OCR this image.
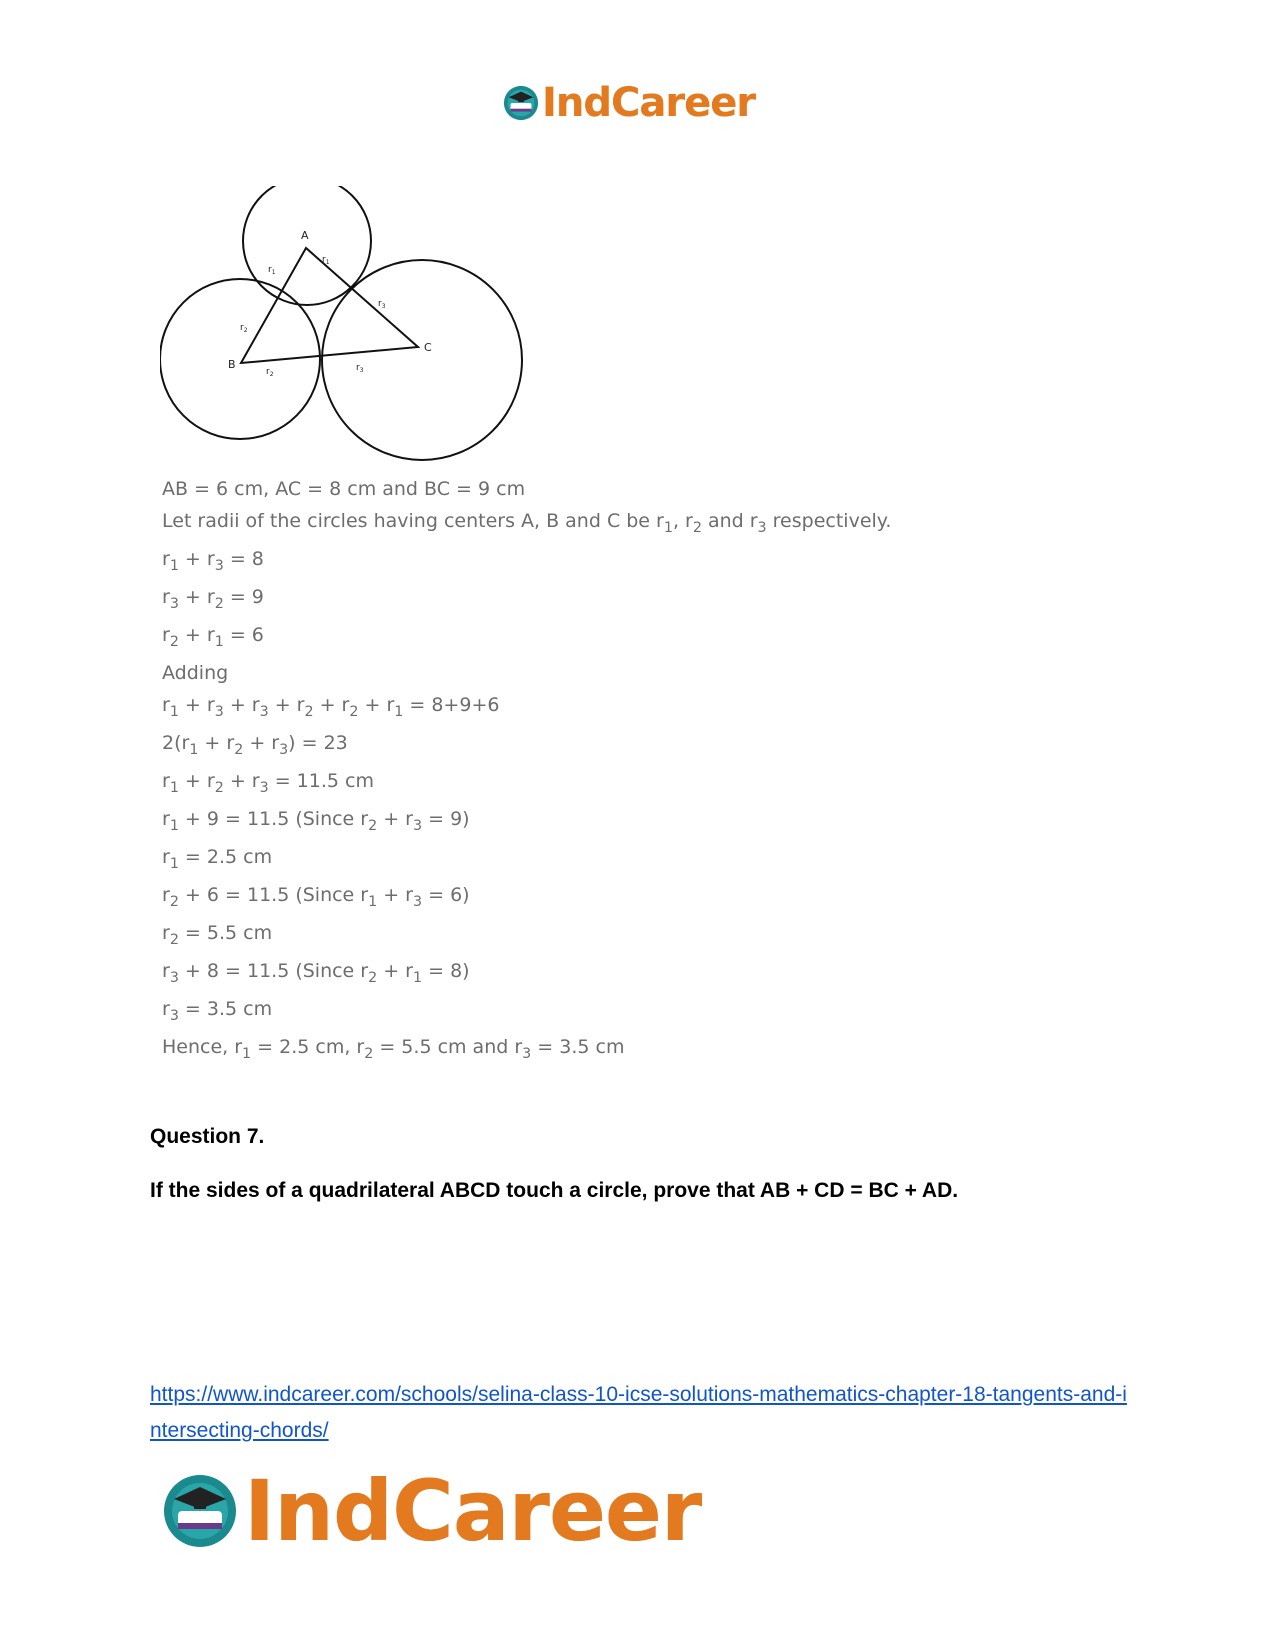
IndCareer
A
B
C
$r_1$
$r_1$
$r_2$
$r_2$
$r_3$
$r_3$
AB = 6 cm, AC = 8 cm and BC = 9 cm
Let radii of the circles having centers A, B and C be $r_1$, $r_2$ and $r_3$ respectively.
$r_1 + r_3 = 8$
$r_3 + r_2 = 9$
$r_2 + r_1 = 6$
Adding
$r_1 + r_3 + r_3 + r_2 + r_2 + r_1 = 8+9+6$
$2(r_1 + r_2 + r_3) = 23$
$r_1 + r_2 + r_3 = 11.5$ cm
$r_1 + 9 = 11.5$ (Since $r_2 + r_3 = 9$)
$r_1 = 2.5$ cm
$r_2 + 6 = 11.5$ (Since $r_1 + r_3 = 6$)
$r_2 = 5.5$ cm
$r_3 + 8 = 11.5$ (Since $r_2 + r_1 = 8$)
$r_3 = 3.5$ cm
Hence, $r_1 = 2.5$ cm, $r_2 = 5.5$ cm and $r_3 = 3.5$ cm
Question 7.
If the sides of a quadrilateral ABCD touch a circle, prove that AB + CD = BC + AD.
https://www.indcareer.com/schools/selina-class-10-icse-solutions-mathematics-chapter-18-tangents-and-intersecting-chords/
IndCareer
